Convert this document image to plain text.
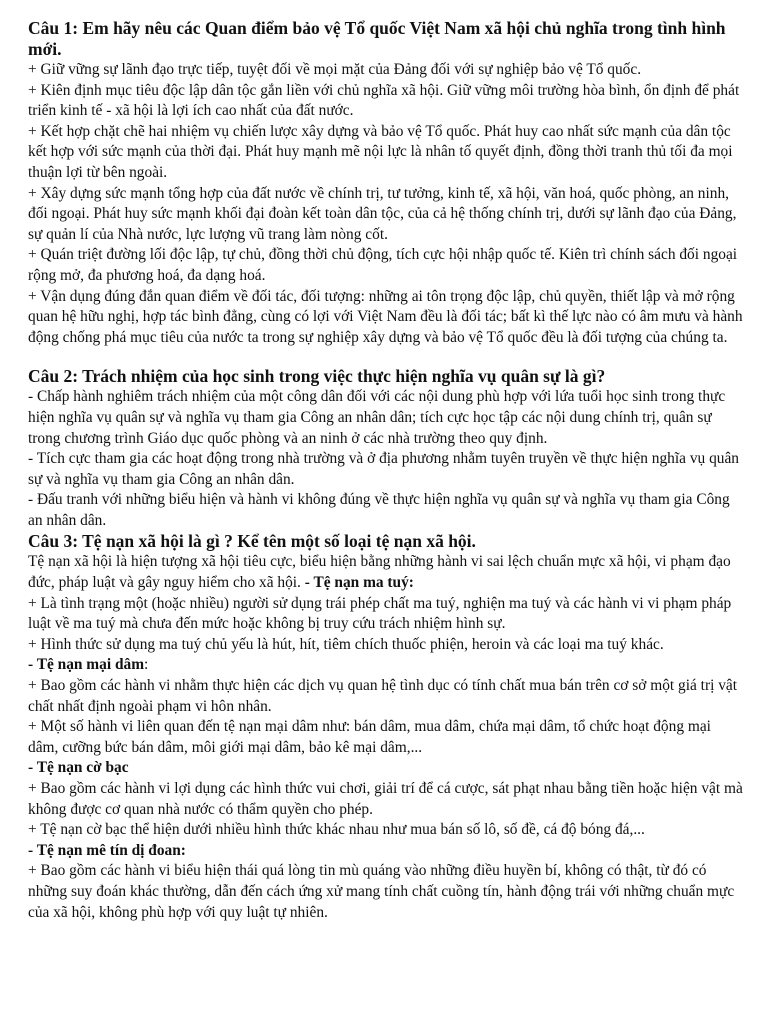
Câu 1: Em hãy nêu các Quan điểm bảo vệ Tổ quốc Việt Nam xã hội chủ nghĩa trong tình hình mới.

+ Giữ vững sự lãnh đạo trực tiếp, tuyệt đối về mọi mặt của Đảng đối với sự nghiệp bảo vệ Tổ quốc.

+ Kiên định mục tiêu độc lập dân tộc gắn liền với chủ nghĩa xã hội. Giữ vững môi trường hòa bình, ổn định để phát triển kinh tế - xã hội là lợi ích cao nhất của đất nước.

+ Kết hợp chặt chẽ hai nhiệm vụ chiến lược xây dựng và bảo vệ Tổ quốc. Phát huy cao nhất sức mạnh của dân tộc kết hợp với sức mạnh của thời đại. Phát huy mạnh mẽ nội lực là nhân tố quyết định, đồng thời tranh thủ tối đa mọi thuận lợi từ bên ngoài.

+ Xây dựng sức mạnh tổng hợp của đất nước về chính trị, tư tưởng, kinh tế, xã hội, văn hoá, quốc phòng, an ninh, đối ngoại. Phát huy sức mạnh khối đại đoàn kết toàn dân tộc, của cả hệ thống chính trị, dưới sự lãnh đạo của Đảng, sự quản lí của Nhà nước, lực lượng vũ trang làm nòng cốt.

+ Quán triệt đường lối độc lập, tự chủ, đồng thời chủ động, tích cực hội nhập quốc tế. Kiên trì chính sách đối ngoại rộng mở, đa phương hoá, đa dạng hoá.

+ Vận dụng đúng đắn quan điểm về đối tác, đối tượng: những ai tôn trọng độc lập, chủ quyền, thiết lập và mở rộng quan hệ hữu nghị, hợp tác bình đẳng, cùng có lợi với Việt Nam đều là đối tác; bất kì thế lực nào có âm mưu và hành động chống phá mục tiêu của nước ta trong sự nghiệp xây dựng và bảo vệ Tổ quốc đều là đối tượng của chúng ta.

Câu 2: Trách nhiệm của học sinh trong việc thực hiện nghĩa vụ quân sự là gì?

- Chấp hành nghiêm trách nhiệm của một công dân đối với các nội dung phù hợp với lứa tuổi học sinh trong thực hiện nghĩa vụ quân sự và nghĩa vụ tham gia Công an nhân dân; tích cực học tập các nội dung chính trị, quân sự trong chương trình Giáo dục quốc phòng và an ninh ở các nhà trường theo quy định.

- Tích cực tham gia các hoạt động trong nhà trường và ở địa phương nhằm tuyên truyền về thực hiện nghĩa vụ quân sự và nghĩa vụ tham gia Công an nhân dân.

- Đấu tranh với những biểu hiện và hành vi không đúng về thực hiện nghĩa vụ quân sự và nghĩa vụ tham gia Công an nhân dân.

Câu 3: Tệ nạn xã hội là gì ? Kể tên một số loại tệ nạn xã hội.

Tệ nạn xã hội là hiện tượng xã hội tiêu cực, biểu hiện bằng những hành vi sai lệch chuẩn mực xã hội, vi phạm đạo đức, pháp luật và gây nguy hiểm cho xã hội. - Tệ nạn ma tuý:

+ Là tình trạng một (hoặc nhiều) người sử dụng trái phép chất ma tuý, nghiện ma tuý và các hành vi vi phạm pháp luật về ma tuý mà chưa đến mức hoặc không bị truy cứu trách nhiệm hình sự.

+ Hình thức sử dụng ma tuý chủ yếu là hút, hít, tiêm chích thuốc phiện, heroin và các loại ma tuý khác.

- Tệ nạn mại dâm:

+ Bao gồm các hành vi nhằm thực hiện các dịch vụ quan hệ tình dục có tính chất mua bán trên cơ sở một giá trị vật chất nhất định ngoài phạm vi hôn nhân.

+ Một số hành vi liên quan đến tệ nạn mại dâm như: bán dâm, mua dâm, chứa mại dâm, tổ chức hoạt động mại dâm, cưỡng bức bán dâm, môi giới mại dâm, bảo kê mại dâm,...

- Tệ nạn cờ bạc

+ Bao gồm các hành vi lợi dụng các hình thức vui chơi, giải trí để cá cược, sát phạt nhau bằng tiền hoặc hiện vật mà không được cơ quan nhà nước có thẩm quyền cho phép.

+ Tệ nạn cờ bạc thể hiện dưới nhiều hình thức khác nhau như mua bán số lô, số đề, cá độ bóng đá,...

- Tệ nạn mê tín dị đoan:

+ Bao gồm các hành vi biểu hiện thái quá lòng tin mù quáng vào những điều huyền bí, không có thật, từ đó có những suy đoán khác thường, dẫn đến cách ứng xử mang tính chất cuồng tín, hành động trái với những chuẩn mực của xã hội, không phù hợp với quy luật tự nhiên.
